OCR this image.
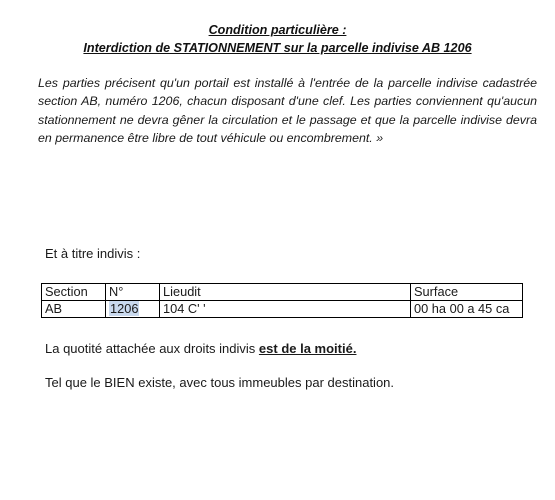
Condition particulière :
Interdiction de STATIONNEMENT sur la parcelle indivise AB 1206

Les parties précisent qu'un portail est installé à l'entrée de la parcelle indivise cadastrée section AB, numéro 1206, chacun disposant d'une clef. Les parties conviennent qu'aucun stationnement ne devra gêner la circulation et le passage et que la parcelle indivise devra en permanence être libre de tout véhicule ou encombrement. »

Et à titre indivis :
Section	N°	Lieudit	Surface
AB	1206	104 C' '	00 ha 00 a 45 ca
La quotité attachée aux droits indivis est de la moitié.
Tel que le BIEN existe, avec tous immeubles par destination.
